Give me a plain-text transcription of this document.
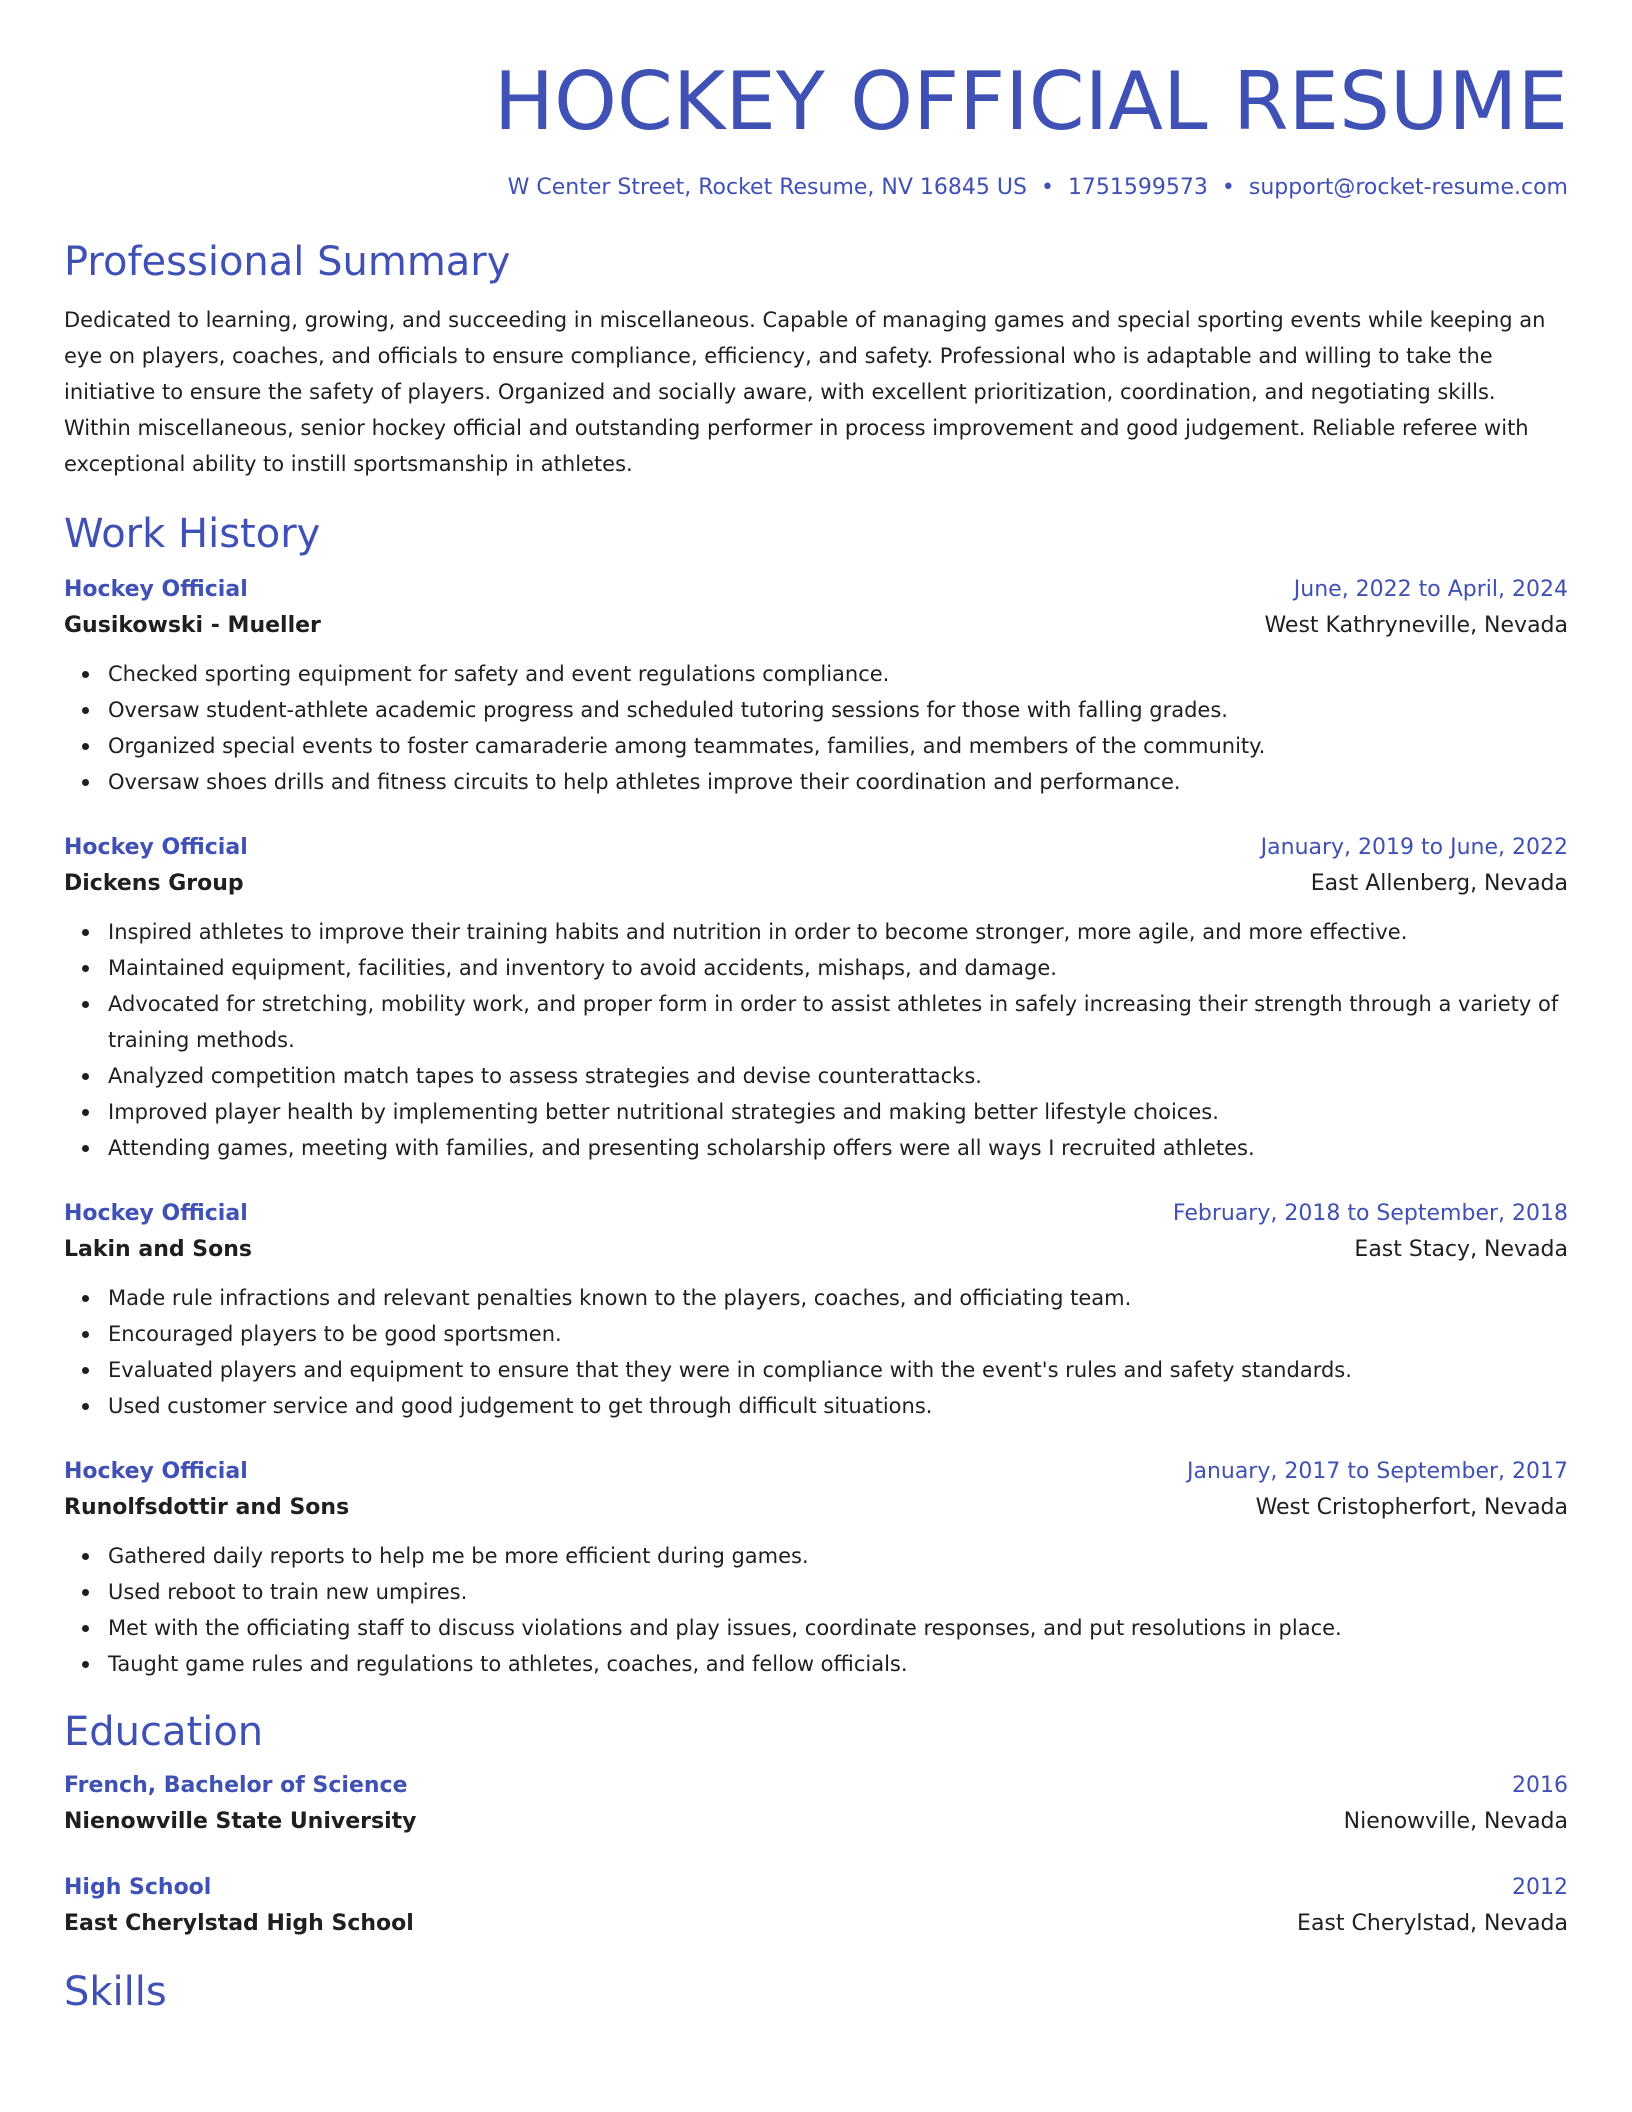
HOCKEY OFFICIAL RESUME
W Center Street, Rocket Resume, NV 16845 US • 1751599573 • support@rocket-resume.com
Professional Summary

Dedicated to learning, growing, and succeeding in miscellaneous. Capable of managing games and special sporting events while keeping an eye on players, coaches, and officials to ensure compliance, efficiency, and safety. Professional who is adaptable and willing to take the initiative to ensure the safety of players. Organized and socially aware, with excellent prioritization, coordination, and negotiating skills. Within miscellaneous, senior hockey official and outstanding performer in process improvement and good judgement. Reliable referee with exceptional ability to instill sportsmanship in athletes.

Work History
Hockey Official	June, 2022 to April, 2024
Gusikowski - Mueller	West Kathryneville, Nevada
Checked sporting equipment for safety and event regulations compliance.
Oversaw student-athlete academic progress and scheduled tutoring sessions for those with falling grades.
Organized special events to foster camaraderie among teammates, families, and members of the community.
Oversaw shoes drills and fitness circuits to help athletes improve their coordination and performance.
Hockey Official	January, 2019 to June, 2022
Dickens Group	East Allenberg, Nevada
Inspired athletes to improve their training habits and nutrition in order to become stronger, more agile, and more effective.
Maintained equipment, facilities, and inventory to avoid accidents, mishaps, and damage.
Advocated for stretching, mobility work, and proper form in order to assist athletes in safely increasing their strength through a variety of training methods.
Analyzed competition match tapes to assess strategies and devise counterattacks.
Improved player health by implementing better nutritional strategies and making better lifestyle choices.
Attending games, meeting with families, and presenting scholarship offers were all ways I recruited athletes.
Hockey Official	February, 2018 to September, 2018
Lakin and Sons	East Stacy, Nevada
Made rule infractions and relevant penalties known to the players, coaches, and officiating team.
Encouraged players to be good sportsmen.
Evaluated players and equipment to ensure that they were in compliance with the event's rules and safety standards.
Used customer service and good judgement to get through difficult situations.
Hockey Official	January, 2017 to September, 2017
Runolfsdottir and Sons	West Cristopherfort, Nevada
Gathered daily reports to help me be more efficient during games.
Used reboot to train new umpires.
Met with the officiating staff to discuss violations and play issues, coordinate responses, and put resolutions in place.
Taught game rules and regulations to athletes, coaches, and fellow officials.
Education
French, Bachelor of Science	2016
Nienowville State University	Nienowville, Nevada
High School	2012
East Cherylstad High School	East Cherylstad, Nevada
Skills
